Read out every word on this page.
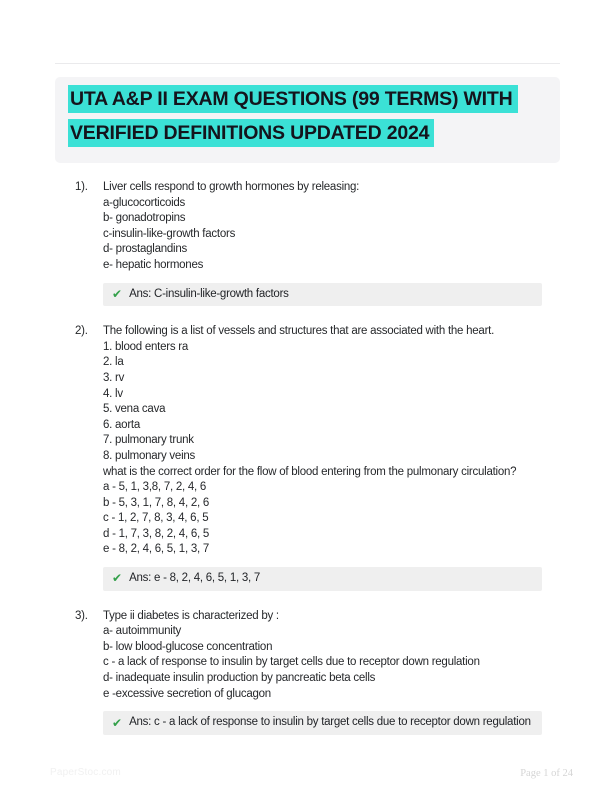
UTA A&P II EXAM QUESTIONS (99 TERMS) WITH
VERIFIED DEFINITIONS UPDATED 2024
1).	Liver cells respond to growth hormones by releasing:
a-glucocorticoids
b- gonadotropins
c-insulin-like-growth factors
d- prostaglandins
e- hepatic hormones
✔ Ans: C-insulin-like-growth factors
2).	The following is a list of vessels and structures that are associated with the heart.
1. blood enters ra
2. la
3. rv
4. lv
5. vena cava
6. aorta
7. pulmonary trunk
8. pulmonary veins
what is the correct order for the flow of blood entering from the pulmonary circulation?
a - 5, 1, 3,8, 7, 2, 4, 6
b - 5, 3, 1, 7, 8, 4, 2, 6
c - 1, 2, 7, 8, 3, 4, 6, 5
d - 1, 7, 3, 8, 2, 4, 6, 5
e - 8, 2, 4, 6, 5, 1, 3, 7
✔ Ans: e - 8, 2, 4, 6, 5, 1, 3, 7
3).	Type ii diabetes is characterized by :
a- autoimmunity
b- low blood-glucose concentration
c - a lack of response to insulin by target cells due to receptor down regulation
d- inadequate insulin production by pancreatic beta cells
e -excessive secretion of glucagon
✔ Ans: c - a lack of response to insulin by target cells due to receptor down regulation
PaperStoc.com	Page 1 of 24
